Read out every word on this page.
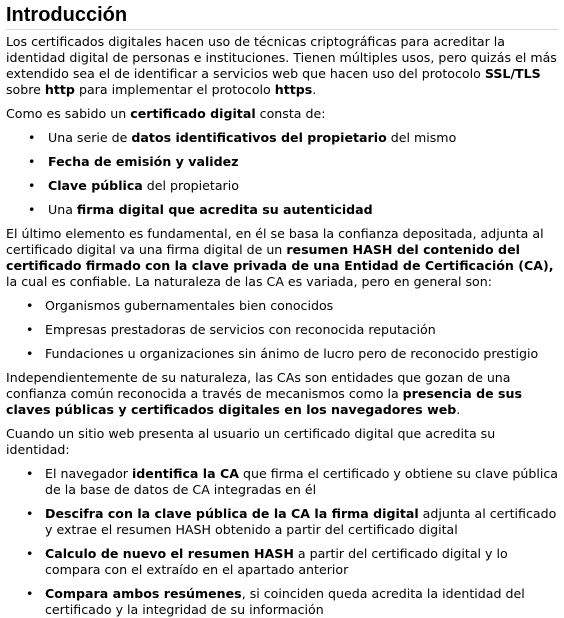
Introducción

Los certificados digitales hacen uso de técnicas criptográficas para acreditar la identidad digital de personas e instituciones. Tienen múltiples usos, pero quizás el más extendido sea el de identificar a servicios web que hacen uso del protocolo SSL/TLS sobre http para implementar el protocolo https.

Como es sabido un certificado digital consta de:

• Una serie de datos identificativos del propietario del mismo
• Fecha de emisión y validez
• Clave pública del propietario
• Una firma digital que acredita su autenticidad

El último elemento es fundamental, en él se basa la confianza depositada, adjunta al certificado digital va una firma digital de un resumen HASH del contenido del certificado firmado con la clave privada de una Entidad de Certificación (CA), la cual es confiable. La naturaleza de las CA es variada, pero en general son:

• Organismos gubernamentales bien conocidos
• Empresas prestadoras de servicios con reconocida reputación
• Fundaciones u organizaciones sin ánimo de lucro pero de reconocido prestigio

Independientemente de su naturaleza, las CAs son entidades que gozan de una confianza común reconocida a través de mecanismos como la presencia de sus claves públicas y certificados digitales en los navegadores web.

Cuando un sitio web presenta al usuario un certificado digital que acredita su identidad:

• El navegador identifica la CA que firma el certificado y obtiene su clave pública de la base de datos de CA integradas en él
• Descifra con la clave pública de la CA la firma digital adjunta al certificado y extrae el resumen HASH obtenido a partir del certificado digital
• Calculo de nuevo el resumen HASH a partir del certificado digital y lo compara con el extraído en el apartado anterior
• Compara ambos resúmenes, si coinciden queda acredita la identidad del certificado y la integridad de su información
